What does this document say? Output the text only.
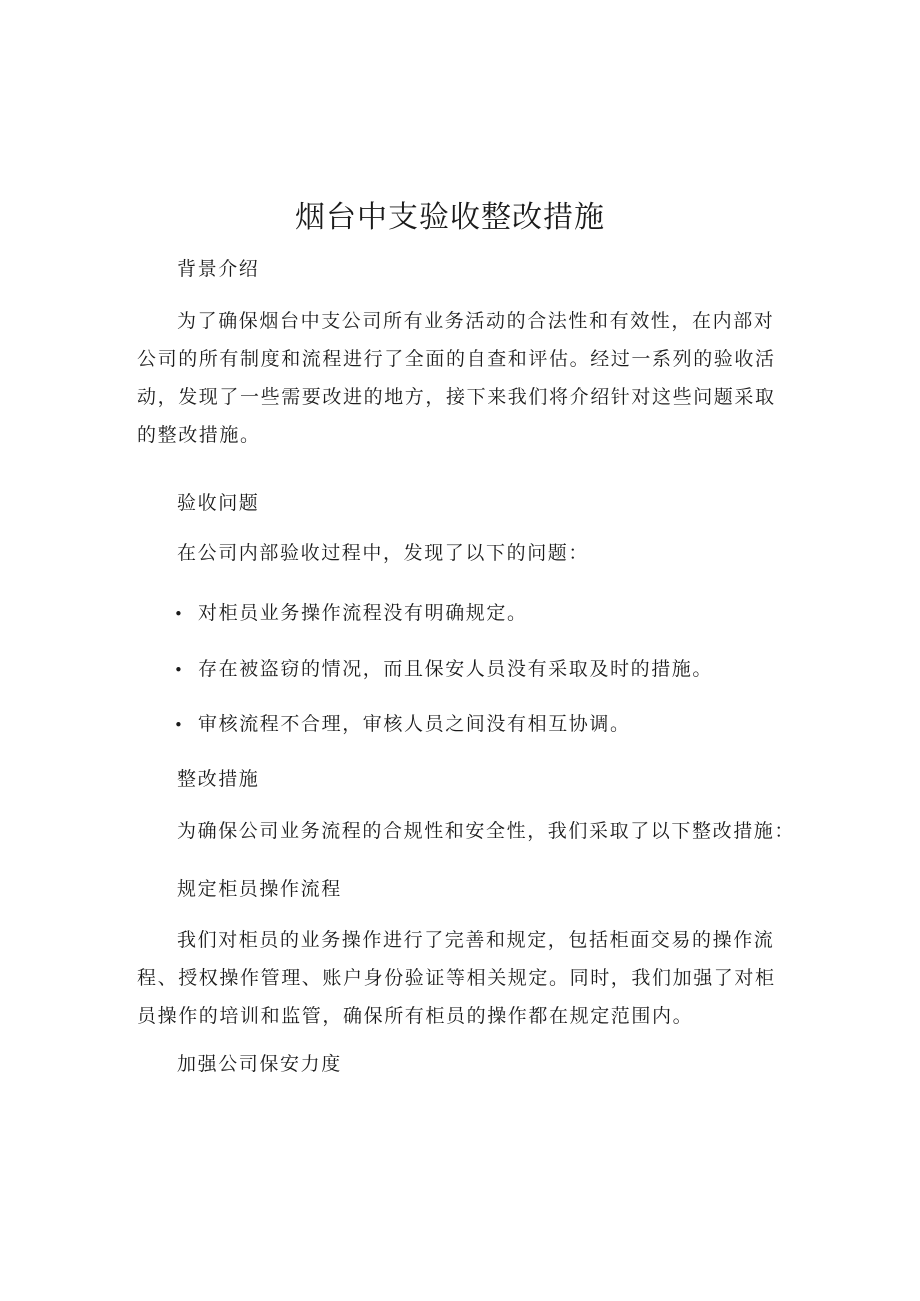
烟台中支验收整改措施

背景介绍

为了确保烟台中支公司所有业务活动的合法性和有效性，在内部对公司的所有制度和流程进行了全面的自查和评估。经过一系列的验收活动，发现了一些需要改进的地方，接下来我们将介绍针对这些问题采取的整改措施。

验收问题

在公司内部验收过程中，发现了以下的问题：

• 对柜员业务操作流程没有明确规定。

• 存在被盗窃的情况，而且保安人员没有采取及时的措施。

• 审核流程不合理，审核人员之间没有相互协调。

整改措施

为确保公司业务流程的合规性和安全性，我们采取了以下整改措施：

规定柜员操作流程

我们对柜员的业务操作进行了完善和规定，包括柜面交易的操作流程、授权操作管理、账户身份验证等相关规定。同时，我们加强了对柜员操作的培训和监管，确保所有柜员的操作都在规定范围内。

加强公司保安力度
